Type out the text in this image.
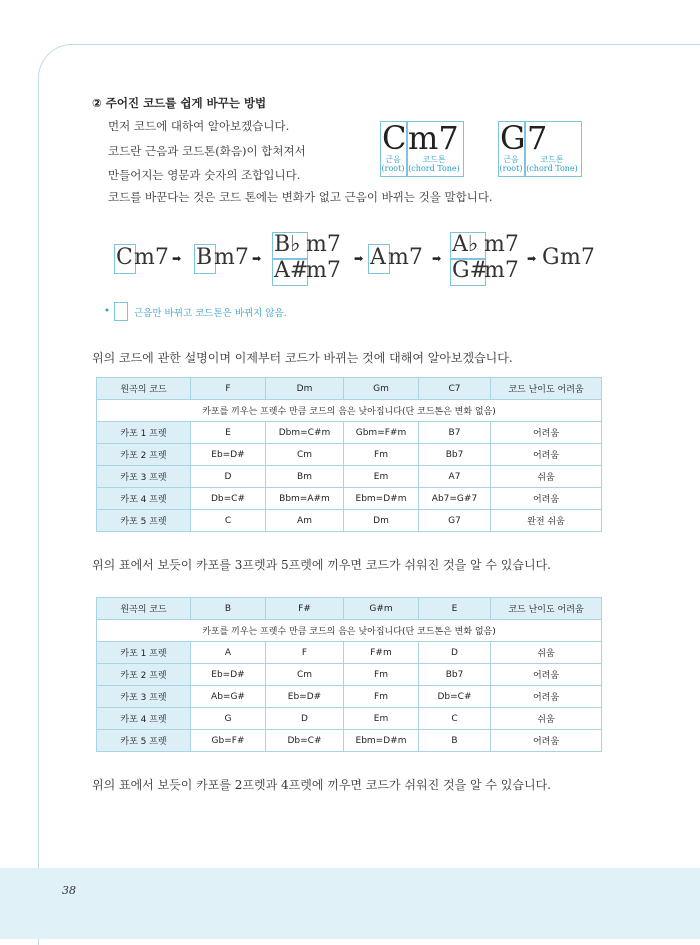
38
② 주어진 코드를 쉽게 바꾸는 방법
먼저 코드에 대하여 알아보겠습니다.
코드란 근음과 코드톤(화음)이 합쳐져서
만들어지는 영문과 숫자의 조합입니다.
코드를 바꾼다는 것은 코드 톤에는 변화가 없고 근음이 바뀌는 것을 말합니다.
C m7
근음
(root)
코드톤
(chord Tone)
G 7
근음
(root)
코드톤
(chord Tone)
C m7 ➡ B m7 ➡
B♭ m7
A#
m7 ➡ A m7 ➡
A♭ m7
G#
m7 ➡ G m7
•	근음만 바뀌고 코드톤은 바뀌지 않음.
위의 코드에 관한 설명이며 이제부터 코드가 바뀌는 것에 대해여 알아보겠습니다.
원곡의 코드	F	Dm	Gm	C7	코드 난이도 어려움
카포를 끼우는 프렛수 만큼 코드의 음은 낮아집니다(단 코드톤은 변화 없음)					
카포 1 프렛	E	Dbm=C#m	Gbm=F#m	B7	어려움
카포 2 프렛	Eb=D#	Cm	Fm	Bb7	어려움
카포 3 프렛	D	Bm	Em	A7	쉬움
카포 4 프렛	Db=C#	Bbm=A#m	Ebm=D#m	Ab7=G#7	어려움
카포 5 프렛	C	Am	Dm	G7	완전 쉬움
위의 표에서 보듯이 카포를 3프렛과 5프렛에 끼우면 코드가 쉬워진 것을 알 수 있습니다.
원곡의 코드	B	F#	G#m	E	코드 난이도 어려움
카포를 끼우는 프렛수 만큼 코드의 음은 낮아집니다(단 코드톤은 변화 없음)					
카포 1 프렛	A	F	F#m	D	쉬움
카포 2 프렛	Eb=D#	Cm	Fm	Bb7	어려움
카포 3 프렛	Ab=G#	Eb=D#	Fm	Db=C#	어려움
카포 4 프렛	G	D	Em	C	쉬움
카포 5 프렛	Gb=F#	Db=C#	Ebm=D#m	B	어려움
위의 표에서 보듯이 카포를 2프렛과 4프렛에 끼우면 코드가 쉬워진 것을 알 수 있습니다.
